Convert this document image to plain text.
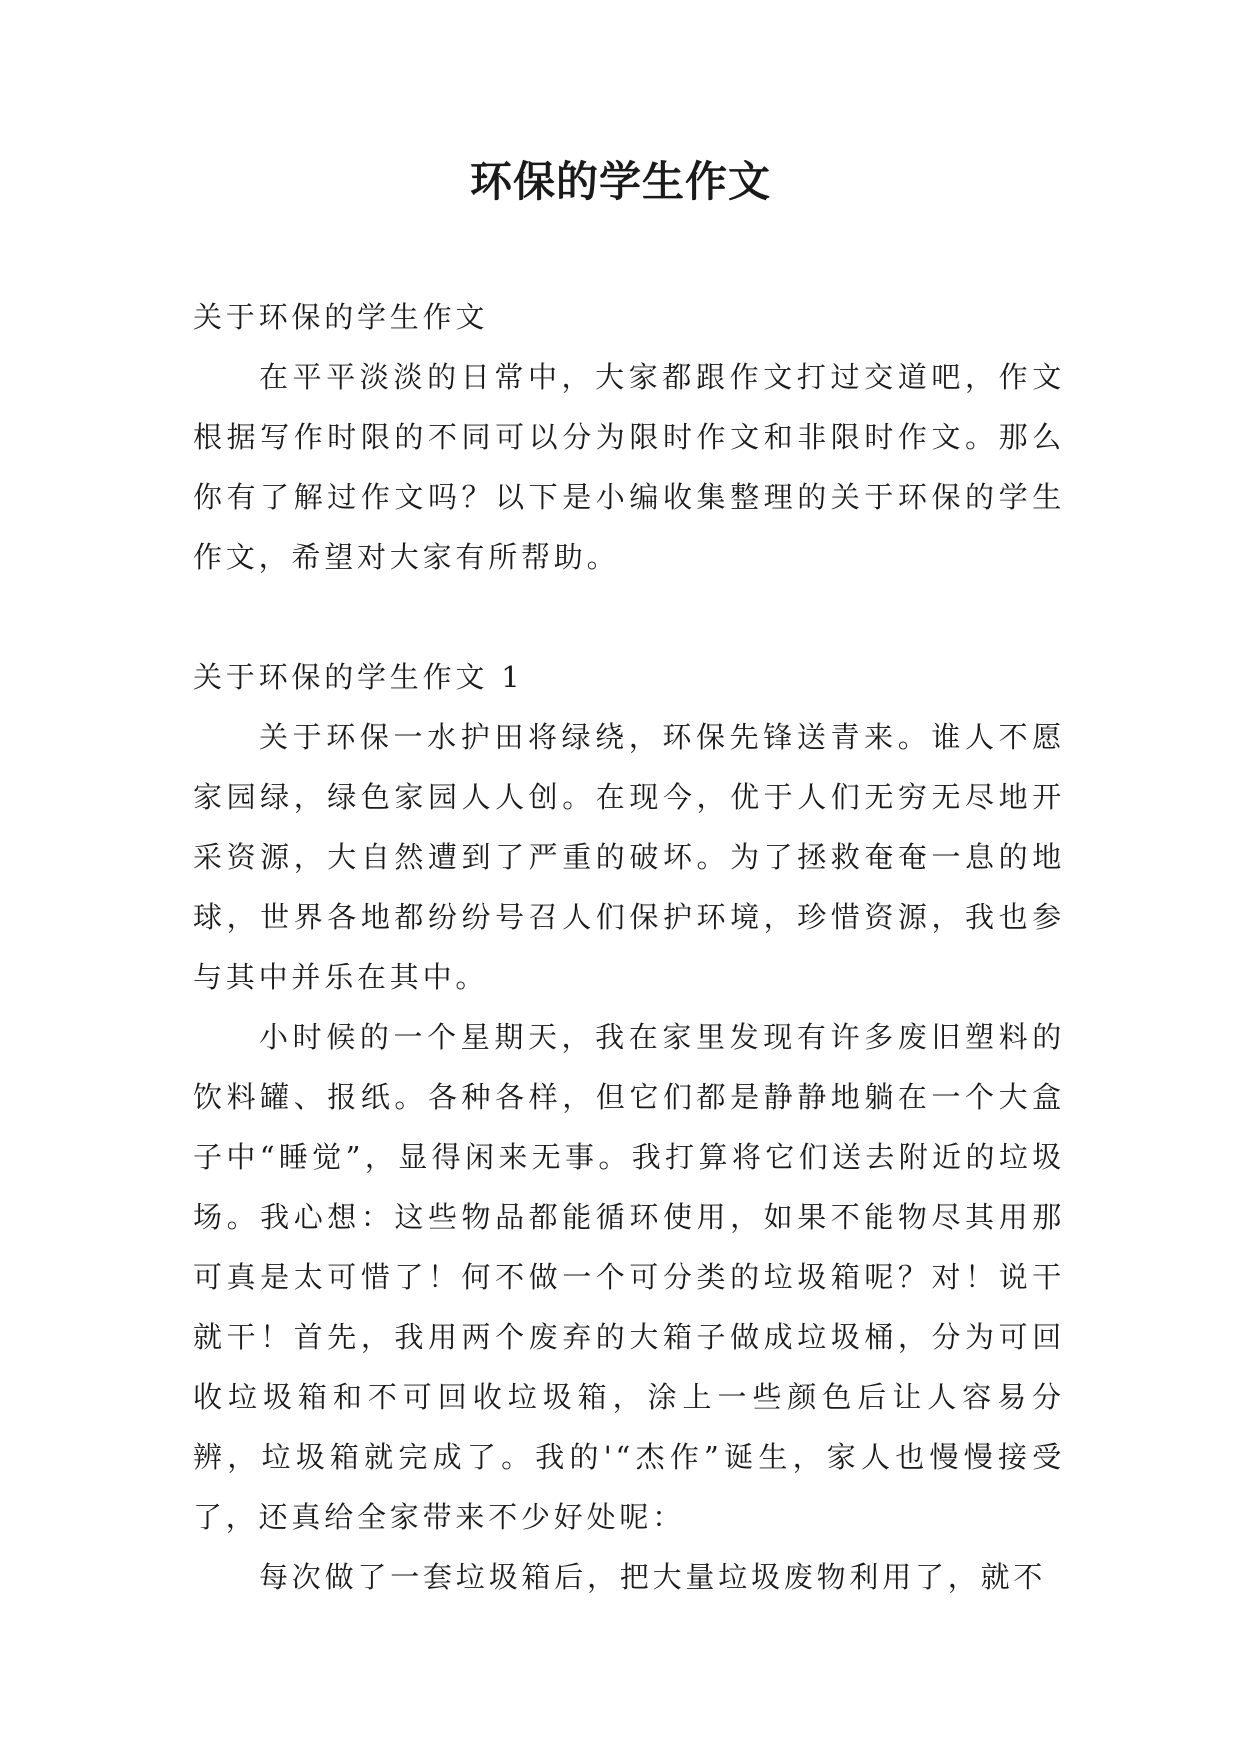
环保的学生作文

关于环保的学生作文

在平平淡淡的日常中，大家都跟作文打过交道吧，作文根据写作时限的不同可以分为限时作文和非限时作文。那么你有了解过作文吗？以下是小编收集整理的关于环保的学生作文，希望对大家有所帮助。

关于环保的学生作文 1

关于环保一水护田将绿绕，环保先锋送青来。谁人不愿家园绿，绿色家园人人创。在现今，优于人们无穷无尽地开采资源，大自然遭到了严重的破坏。为了拯救奄奄一息的地球，世界各地都纷纷号召人们保护环境，珍惜资源，我也参与其中并乐在其中。

小时候的一个星期天，我在家里发现有许多废旧塑料的饮料罐、报纸。各种各样，但它们都是静静地躺在一个大盒子中“睡觉”，显得闲来无事。我打算将它们送去附近的垃圾场。我心想：这些物品都能循环使用，如果不能物尽其用那可真是太可惜了！何不做一个可分类的垃圾箱呢？对！说干就干！首先，我用两个废弃的大箱子做成垃圾桶，分为可回收垃圾箱和不可回收垃圾箱，涂上一些颜色后让人容易分辨，垃圾箱就完成了。我的'“杰作”诞生，家人也慢慢接受了，还真给全家带来不少好处呢：

每次做了一套垃圾箱后，把大量垃圾废物利用了，就不
